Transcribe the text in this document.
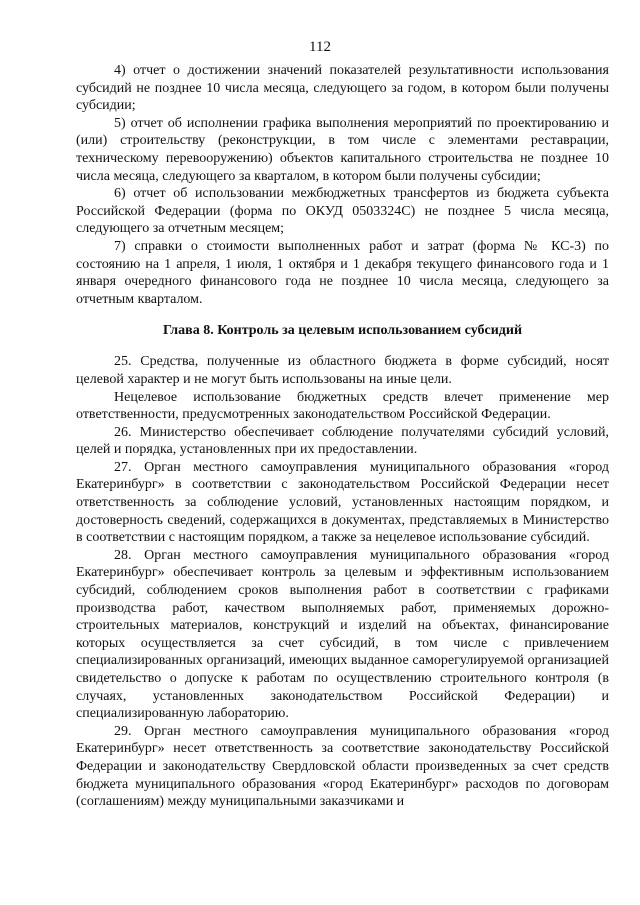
112

4) отчет о достижении значений показателей результативности использования субсидий не позднее 10 числа месяца, следующего за годом, в котором были получены субсидии;

5) отчет об исполнении графика выполнения мероприятий по проектированию и (или) строительству (реконструкции, в том числе с элементами реставрации, техническому перевооружению) объектов капитального строительства не позднее 10 числа месяца, следующего за кварталом, в котором были получены субсидии;

6) отчет об использовании межбюджетных трансфертов из бюджета субъекта Российской Федерации (форма по ОКУД 0503324С) не позднее 5 числа месяца, следующего за отчетным месяцем;

7) справки о стоимости выполненных работ и затрат (форма № КС-3) по состоянию на 1 апреля, 1 июля, 1 октября и 1 декабря текущего финансового года и 1 января очередного финансового года не позднее 10 числа месяца, следующего за отчетным кварталом.

Глава 8. Контроль за целевым использованием субсидий

25. Средства, полученные из областного бюджета в форме субсидий, носят целевой характер и не могут быть использованы на иные цели.

Нецелевое использование бюджетных средств влечет применение мер ответственности, предусмотренных законодательством Российской Федерации.

26. Министерство обеспечивает соблюдение получателями субсидий условий, целей и порядка, установленных при их предоставлении.

27. Орган местного самоуправления муниципального образования «город Екатеринбург» в соответствии с законодательством Российской Федерации несет ответственность за соблюдение условий, установленных настоящим порядком, и достоверность сведений, содержащихся в документах, представляемых в Министерство в соответствии с настоящим порядком, а также за нецелевое использование субсидий.

28. Орган местного самоуправления муниципального образования «город Екатеринбург» обеспечивает контроль за целевым и эффективным использованием субсидий, соблюдением сроков выполнения работ в соответствии с графиками производства работ, качеством выполняемых работ, применяемых дорожно-строительных материалов, конструкций и изделий на объектах, финансирование которых осуществляется за счет субсидий, в том числе с привлечением специализированных организаций, имеющих выданное саморегулируемой организацией свидетельство о допуске к работам по осуществлению строительного контроля (в случаях, установленных законодательством Российской Федерации) и специализированную лабораторию.

29. Орган местного самоуправления муниципального образования «город Екатеринбург» несет ответственность за соответствие законодательству Российской Федерации и законодательству Свердловской области произведенных за счет средств бюджета муниципального образования «город Екатеринбург» расходов по договорам (соглашениям) между муниципальными заказчиками и
